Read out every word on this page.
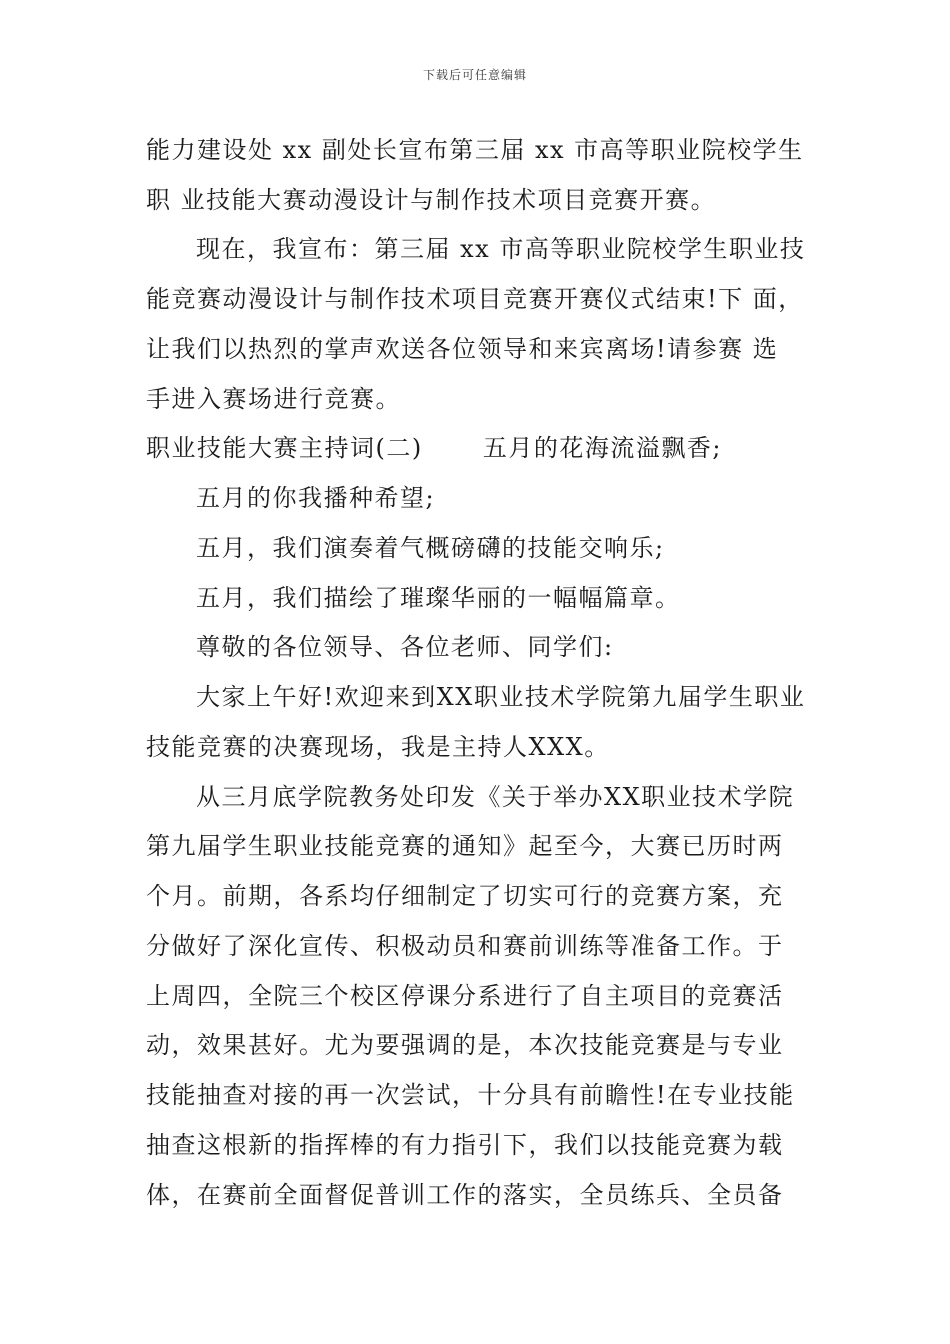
下载后可任意编辑
能力建设处 xx 副处长宣布第三届 xx 市高等职业院校学生
职 业技能大赛动漫设计与制作技术项目竞赛开赛。
现在，我宣布：第三届 xx 市高等职业院校学生职业技
能竞赛动漫设计与制作技术项目竞赛开赛仪式结束!下 面，
让我们以热烈的掌声欢送各位领导和来宾离场!请参赛 选
手进入赛场进行竞赛。
职业技能大赛主持词(二)　　 五月的花海流溢飘香;
五月的你我播种希望;
五月，我们演奏着气概磅礴的技能交响乐;
五月，我们描绘了璀璨华丽的一幅幅篇章。
尊敬的各位领导、各位老师、同学们:
大家上午好!欢迎来到XX职业技术学院第九届学生职业
技能竞赛的决赛现场，我是主持人XXX。
从三月底学院教务处印发《关于举办XX职业技术学院
第九届学生职业技能竞赛的通知》起至今，大赛已历时两
个月。前期，各系均仔细制定了切实可行的竞赛方案，充
分做好了深化宣传、积极动员和赛前训练等准备工作。于
上周四，全院三个校区停课分系进行了自主项目的竞赛活
动，效果甚好。尤为要强调的是，本次技能竞赛是与专业
技能抽查对接的再一次尝试，十分具有前瞻性!在专业技能
抽查这根新的指挥棒的有力指引下，我们以技能竞赛为载
体，在赛前全面督促普训工作的落实，全员练兵、全员备
